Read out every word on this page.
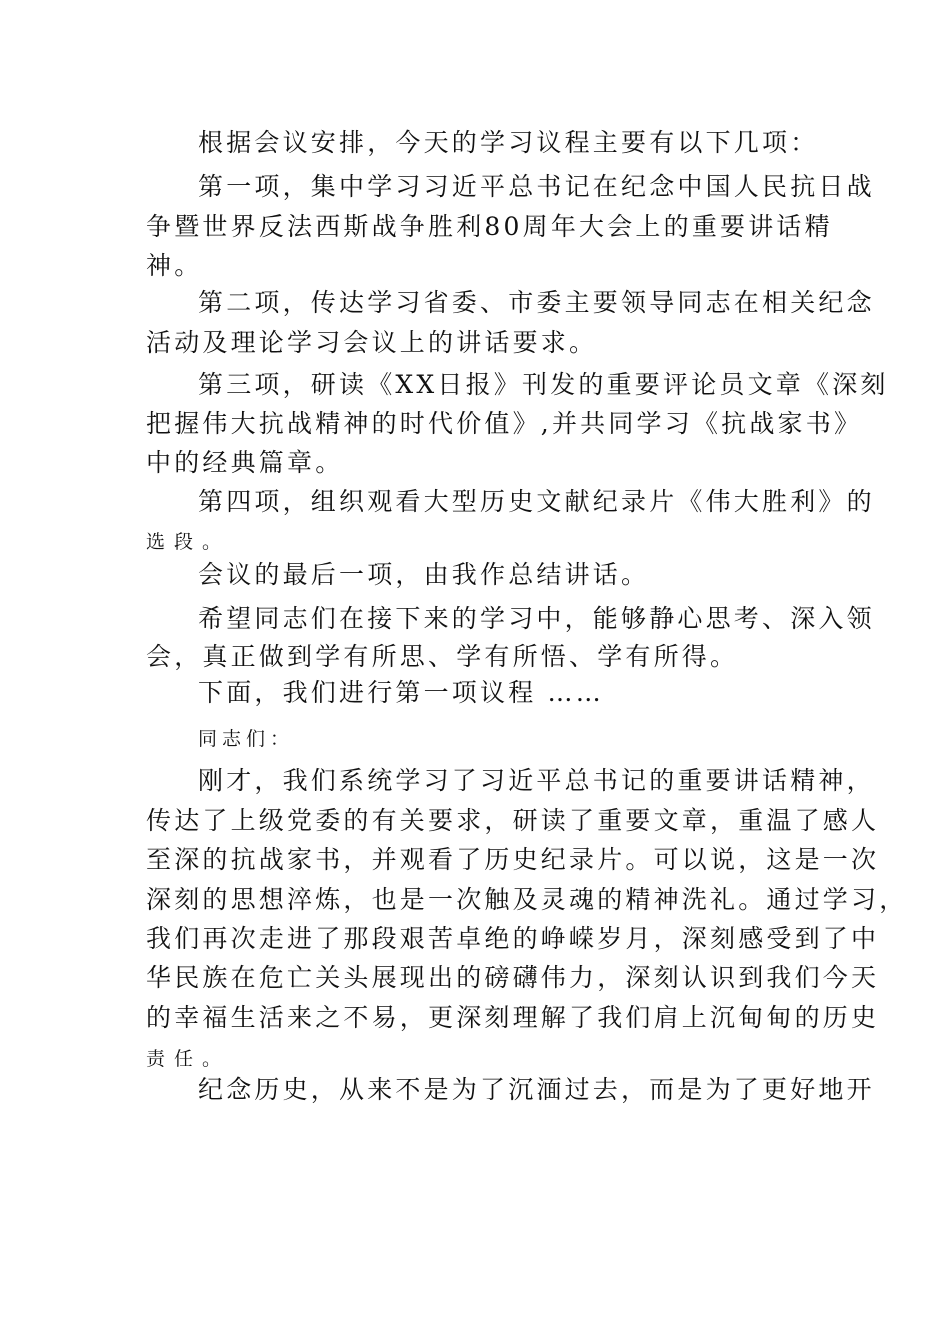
根据会议安排，今天的学习议程主要有以下几项：
第一项，集中学习习近平总书记在纪念中国人民抗日战
争暨世界反法西斯战争胜利80周年大会上的重要讲话精
神。
第二项，传达学习省委、市委主要领导同志在相关纪念
活动及理论学习会议上的讲话要求。
第三项，研读《XX日报》刊发的重要评论员文章《深刻
把握伟大抗战精神的时代价值》,并共同学习《抗战家书》
中的经典篇章。
第四项，组织观看大型历史文献纪录片《伟大胜利》的
选段。
会议的最后一项，由我作总结讲话。
希望同志们在接下来的学习中，能够静心思考、深入领
会，真正做到学有所思、学有所悟、学有所得。
下面，我们进行第一项议程 ……
同志们：
刚才，我们系统学习了习近平总书记的重要讲话精神，
传达了上级党委的有关要求，研读了重要文章，重温了感人
至深的抗战家书，并观看了历史纪录片。可以说，这是一次
深刻的思想淬炼，也是一次触及灵魂的精神洗礼。通过学习，
我们再次走进了那段艰苦卓绝的峥嵘岁月，深刻感受到了中
华民族在危亡关头展现出的磅礴伟力，深刻认识到我们今天
的幸福生活来之不易，更深刻理解了我们肩上沉甸甸的历史
责任。
纪念历史，从来不是为了沉湎过去，而是为了更好地开
